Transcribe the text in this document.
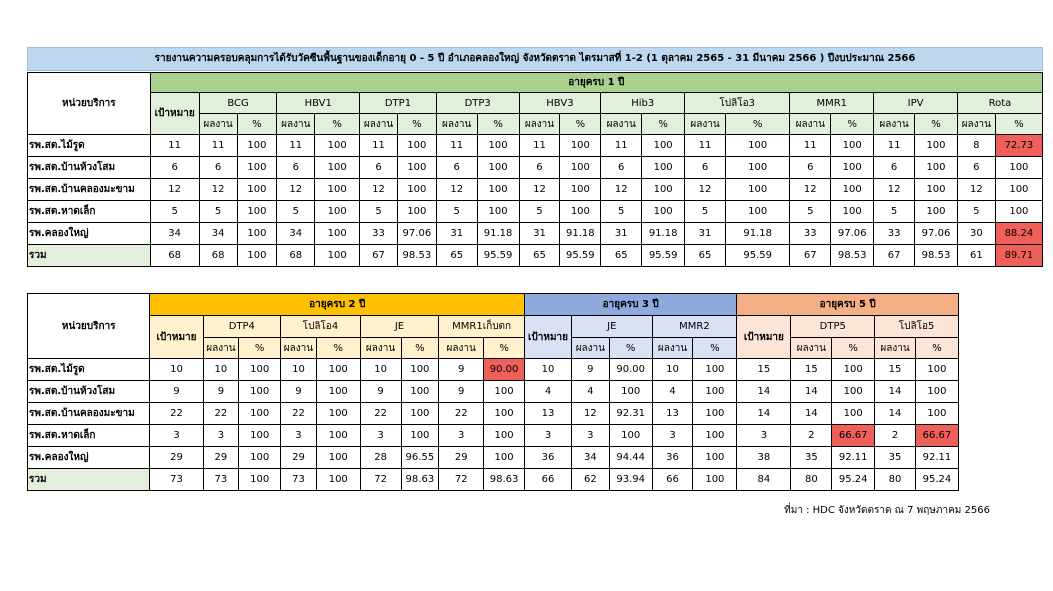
รายงานความครอบคลุมการได้รับวัคซีนพื้นฐานของเด็กอายุ 0 - 5 ปี อำเภอคลองใหญ่ จังหวัดตราด ไตรมาสที่ 1-2 (1 ตุลาคม 2565 - 31 มีนาคม 2566 ) ปีงบประมาณ 2566
หน่วยบริการ	อายุครบ 1 ปี																				
	เป้าหมาย	BCG		HBV1		DTP1		DTP3		HBV3		Hib3		โปลิโอ3		MMR1		IPV		Rota	
		ผลงาน	%	ผลงาน	%	ผลงาน	%	ผลงาน	%	ผลงาน	%	ผลงาน	%	ผลงาน	%	ผลงาน	%	ผลงาน	%	ผลงาน	%
รพ.สต.ไม้รูด	11	11	100	11	100	11	100	11	100	11	100	11	100	11	100	11	100	11	100	8	72.73
รพ.สต.บ้านห้วงโสม	6	6	100	6	100	6	100	6	100	6	100	6	100	6	100	6	100	6	100	6	100
รพ.สต.บ้านคลองมะขาม	12	12	100	12	100	12	100	12	100	12	100	12	100	12	100	12	100	12	100	12	100
รพ.สต.หาดเล็ก	5	5	100	5	100	5	100	5	100	5	100	5	100	5	100	5	100	5	100	5	100
รพ.คลองใหญ่	34	34	100	34	100	33	97.06	31	91.18	31	91.18	31	91.18	31	91.18	33	97.06	33	97.06	30	88.24
รวม	68	68	100	68	100	67	98.53	65	95.59	65	95.59	65	95.59	65	95.59	67	98.53	67	98.53	61	89.71
หน่วยบริการ	อายุครบ 2 ปี									อายุครบ 3 ปี					อายุครบ 5 ปี				
	เป้าหมาย	DTP4		โปลิโอ4		JE		MMR1เก็บตก		เป้าหมาย	JE		MMR2		เป้าหมาย	DTP5		โปลิโอ5	
		ผลงาน	%	ผลงาน	%	ผลงาน	%	ผลงาน	%		ผลงาน	%	ผลงาน	%		ผลงาน	%	ผลงาน	%
รพ.สต.ไม้รูด	10	10	100	10	100	10	100	9	90.00	10	9	90.00	10	100	15	15	100	15	100
รพ.สต.บ้านห้วงโสม	9	9	100	9	100	9	100	9	100	4	4	100	4	100	14	14	100	14	100
รพ.สต.บ้านคลองมะขาม	22	22	100	22	100	22	100	22	100	13	12	92.31	13	100	14	14	100	14	100
รพ.สต.หาดเล็ก	3	3	100	3	100	3	100	3	100	3	3	100	3	100	3	2	66.67	2	66.67
รพ.คลองใหญ่	29	29	100	29	100	28	96.55	29	100	36	34	94.44	36	100	38	35	92.11	35	92.11
รวม	73	73	100	73	100	72	98.63	72	98.63	66	62	93.94	66	100	84	80	95.24	80	95.24
ที่มา : HDC จังหวัดตราด ณ 7 พฤษภาคม 2566
